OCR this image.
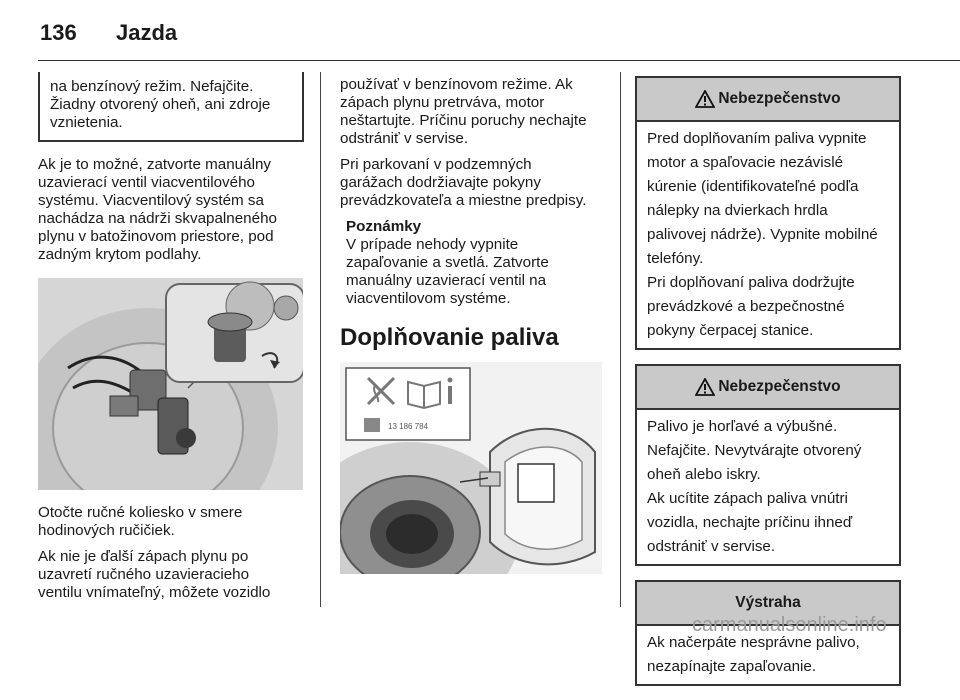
136 Jazda

na benzínový režim. Nefajčite.

Žiadny otvorený oheň, ani zdroje

vznietenia.

Ak je to možné, zatvorte manuálny

uzavierací ventil viacventilového

systému. Viacventilový systém sa

nachádza na nádrži skvapalneného

plynu v batožinovom priestore, pod

zadným krytom podlahy.

Otočte ručné koliesko v smere

hodinových ručičiek.

Ak nie je ďalší zápach plynu po

uzavretí ručného uzavieracieho

ventilu vnímateľný, môžete vozidlo

používať v benzínovom režime. Ak

zápach plynu pretrváva, motor

neštartujte. Príčinu poruchy nechajte

odstrániť v servise.

Pri parkovaní v podzemných

garážach dodržiavajte pokyny

prevádzkovateľa a miestne predpisy.

Poznámky

V prípade nehody vypnite

zapaľovanie a svetlá. Zatvorte

manuálny uzavierací ventil na

viacventilovom systéme.

Doplňovanie paliva
13 186 784
Nebezpečenstvo

Pred doplňovaním paliva vypnite

motor a spaľovacie nezávislé

kúrenie (identifikovateľné podľa

nálepky na dvierkach hrdla

palivovej nádrže). Vypnite mobilné

telefóny.

Pri doplňovaní paliva dodržujte

prevádzkové a bezpečnostné

pokyny čerpacej stanice.

Nebezpečenstvo

Palivo je horľavé a výbušné.

Nefajčite. Nevytvárajte otvorený

oheň alebo iskry.

Ak ucítite zápach paliva vnútri

vozidla, nechajte príčinu ihneď

odstrániť v servise.

Výstraha

Ak načerpáte nesprávne palivo,

nezapínajte zapaľovanie.

carmanualsonline.info
